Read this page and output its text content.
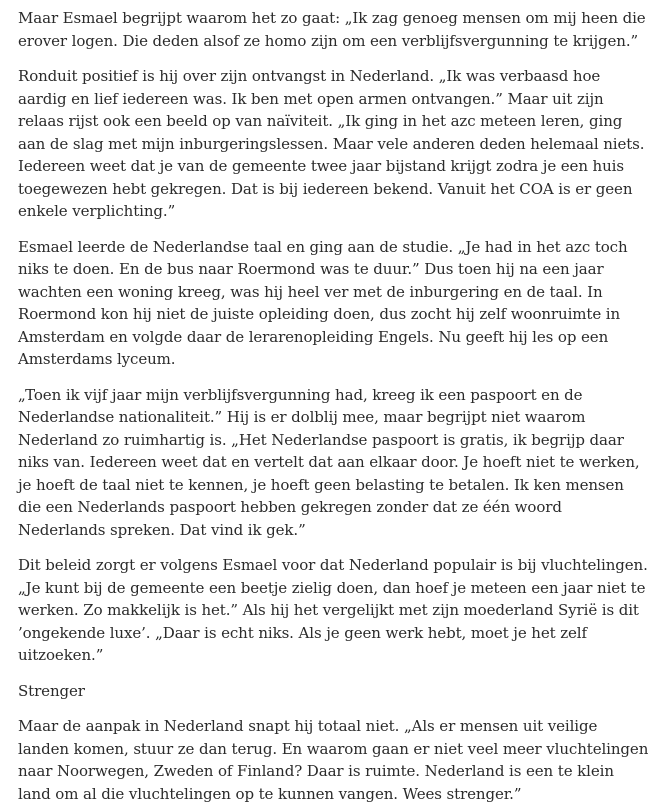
Maar Esmael begrijpt waarom het zo gaat: „Ik zag genoeg mensen om mij heen die erover logen. Die deden alsof ze homo zijn om een verblijfsvergunning te krijgen.”

Ronduit positief is hij over zijn ontvangst in Nederland. „Ik was verbaasd hoe aardig en lief iedereen was. Ik ben met open armen ontvangen.” Maar uit zijn relaas rijst ook een beeld op van naïviteit. „Ik ging in het azc meteen leren, ging aan de slag met mijn inburgeringslessen. Maar vele anderen deden helemaal niets. Iedereen weet dat je van de gemeente twee jaar bijstand krijgt zodra je een huis toegewezen hebt gekregen. Dat is bij iedereen bekend. Vanuit het COA is er geen enkele verplichting.”

Esmael leerde de Nederlandse taal en ging aan de studie. „Je had in het azc toch niks te doen. En de bus naar Roermond was te duur.” Dus toen hij na een jaar wachten een woning kreeg, was hij heel ver met de inburgering en de taal. In Roermond kon hij niet de juiste opleiding doen, dus zocht hij zelf woonruimte in Amsterdam en volgde daar de lerarenopleiding Engels. Nu geeft hij les op een Amsterdams lyceum.

„Toen ik vijf jaar mijn verblijfsvergunning had, kreeg ik een paspoort en de Nederlandse nationaliteit.” Hij is er dolblij mee, maar begrijpt niet waarom Nederland zo ruimhartig is. „Het Nederlandse paspoort is gratis, ik begrijp daar niks van. Iedereen weet dat en vertelt dat aan elkaar door. Je hoeft niet te werken, je hoeft de taal niet te kennen, je hoeft geen belasting te betalen. Ik ken mensen die een Nederlands paspoort hebben gekregen zonder dat ze één woord Nederlands spreken. Dat vind ik gek.”

Dit beleid zorgt er volgens Esmael voor dat Nederland populair is bij vluchtelingen. „Je kunt bij de gemeente een beetje zielig doen, dan hoef je meteen een jaar niet te werken. Zo makkelijk is het.” Als hij het vergelijkt met zijn moederland Syrië is dit ’ongekende luxe’. „Daar is echt niks. Als je geen werk hebt, moet je het zelf uitzoeken.”

Strenger

Maar de aanpak in Nederland snapt hij totaal niet. „Als er mensen uit veilige landen komen, stuur ze dan terug. En waarom gaan er niet veel meer vluchtelingen naar Noorwegen, Zweden of Finland? Daar is ruimte. Nederland is een te klein land om al die vluchtelingen op te kunnen vangen. Wees strenger.”
